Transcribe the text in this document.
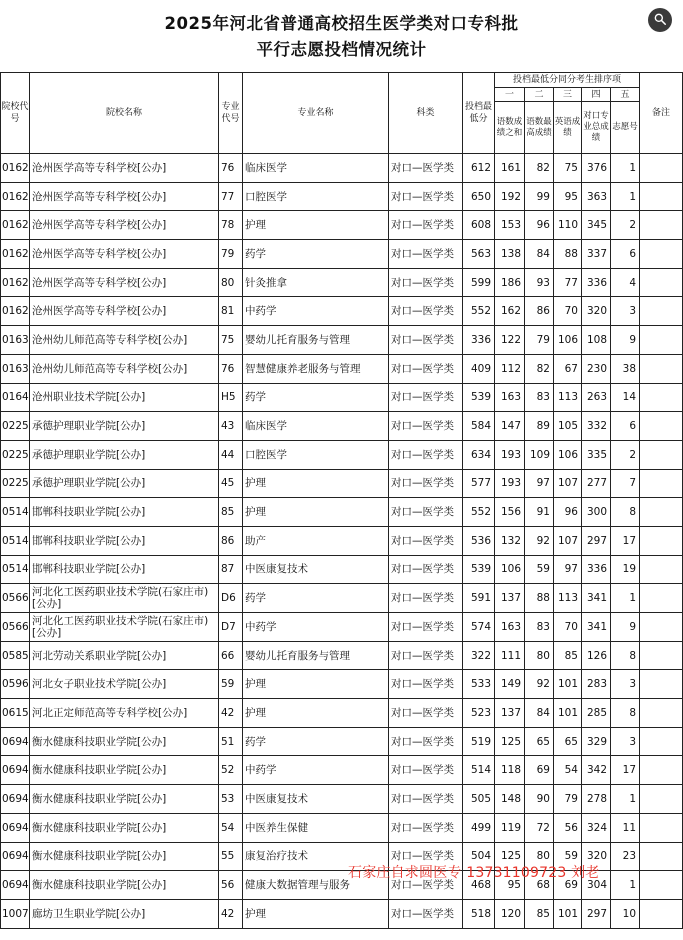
2025年河北省普通高校招生医学类对口专科批
平行志愿投档情况统计
院校代号	院校名称	专业代号	专业名称	科类	投档最低分	投档最低分同分考生排序项					备注
						一	二	三	四	五	
						语数成绩之和	语数最高成绩	英语成绩	对口专业总成绩	志愿号	
0162	沧州医学高等专科学校[公办]	76	临床医学	对口—医学类	612	161	82	75	376	1	
0162	沧州医学高等专科学校[公办]	77	口腔医学	对口—医学类	650	192	99	95	363	1	
0162	沧州医学高等专科学校[公办]	78	护理	对口—医学类	608	153	96	110	345	2	
0162	沧州医学高等专科学校[公办]	79	药学	对口—医学类	563	138	84	88	337	6	
0162	沧州医学高等专科学校[公办]	80	针灸推拿	对口—医学类	599	186	93	77	336	4	
0162	沧州医学高等专科学校[公办]	81	中药学	对口—医学类	552	162	86	70	320	3	
0163	沧州幼儿师范高等专科学校[公办]	75	婴幼儿托育服务与管理	对口—医学类	336	122	79	106	108	9	
0163	沧州幼儿师范高等专科学校[公办]	76	智慧健康养老服务与管理	对口—医学类	409	112	82	67	230	38	
0164	沧州职业技术学院[公办]	H5	药学	对口—医学类	539	163	83	113	263	14	
0225	承德护理职业学院[公办]	43	临床医学	对口—医学类	584	147	89	105	332	6	
0225	承德护理职业学院[公办]	44	口腔医学	对口—医学类	634	193	109	106	335	2	
0225	承德护理职业学院[公办]	45	护理	对口—医学类	577	193	97	107	277	7	
0514	邯郸科技职业学院[公办]	85	护理	对口—医学类	552	156	91	96	300	8	
0514	邯郸科技职业学院[公办]	86	助产	对口—医学类	536	132	92	107	297	17	
0514	邯郸科技职业学院[公办]	87	中医康复技术	对口—医学类	539	106	59	97	336	19	
0566	河北化工医药职业技术学院(石家庄市)[公办]	D6	药学	对口—医学类	591	137	88	113	341	1	
0566	河北化工医药职业技术学院(石家庄市)[公办]	D7	中药学	对口—医学类	574	163	83	70	341	9	
0585	河北劳动关系职业学院[公办]	66	婴幼儿托育服务与管理	对口—医学类	322	111	80	85	126	8	
0596	河北女子职业技术学院[公办]	59	护理	对口—医学类	533	149	92	101	283	3	
0615	河北正定师范高等专科学校[公办]	42	护理	对口—医学类	523	137	84	101	285	8	
0694	衡水健康科技职业学院[公办]	51	药学	对口—医学类	519	125	65	65	329	3	
0694	衡水健康科技职业学院[公办]	52	中药学	对口—医学类	514	118	69	54	342	17	
0694	衡水健康科技职业学院[公办]	53	中医康复技术	对口—医学类	505	148	90	79	278	1	
0694	衡水健康科技职业学院[公办]	54	中医养生保健	对口—医学类	499	119	72	56	324	11	
0694	衡水健康科技职业学院[公办]	55	康复治疗技术	对口—医学类	504	125	80	59	320	23	
0694	衡水健康科技职业学院[公办]	56	健康大数据管理与服务	对口—医学类	468	95	68	69	304	1	
1007	廊坊卫生职业学院[公办]	42	护理	对口—医学类	518	120	85	101	297	10	
石家庄自求圆医专 13731109723 刘老
